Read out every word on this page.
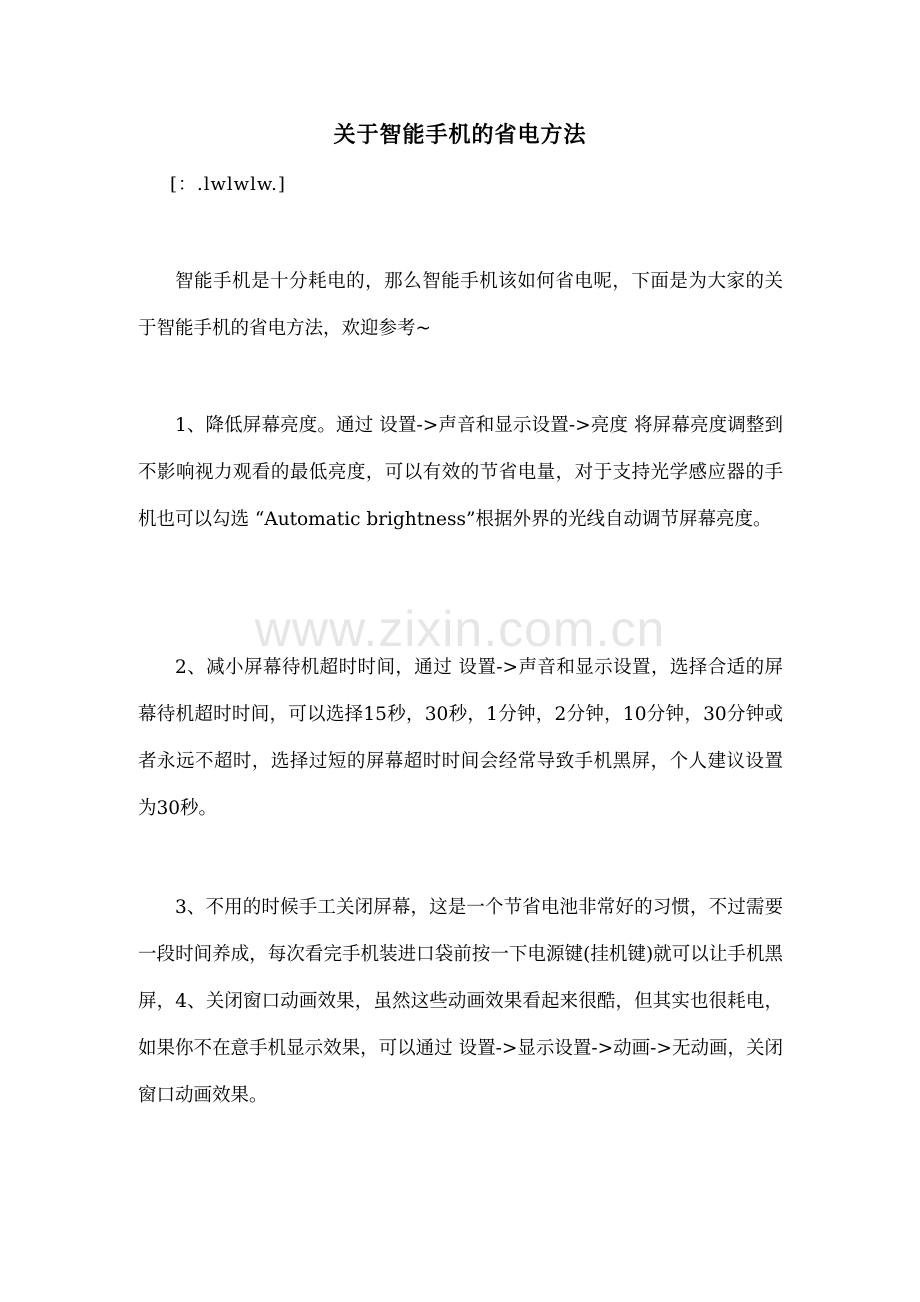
www.zixin.com.cn
关于智能手机的省电方法

[：.lwlwlw.]

智能手机是十分耗电的，那么智能手机该如何省电呢，下面是为大家的关于智能手机的省电方法，欢迎参考~

1、降低屏幕亮度。通过 设置->声音和显示设置->亮度 将屏幕亮度调整到不影响视力观看的最低亮度，可以有效的节省电量，对于支持光学感应器的手机也可以勾选 “Automatic brightness”根据外界的光线自动调节屏幕亮度。

2、减小屏幕待机超时时间，通过 设置->声音和显示设置，选择合适的屏幕待机超时时间，可以选择15秒，30秒，1分钟，2分钟，10分钟，30分钟或者永远不超时，选择过短的屏幕超时时间会经常导致手机黑屏，个人建议设置为30秒。

3、不用的时候手工关闭屏幕，这是一个节省电池非常好的习惯，不过需要一段时间养成，每次看完手机装进口袋前按一下电源键(挂机键)就可以让手机黑 屏，4、关闭窗口动画效果，虽然这些动画效果看起来很酷，但其实也很耗电，如果你不在意手机显示效果，可以通过 设置->显示设置->动画->无动画，关闭窗口动画效果。
